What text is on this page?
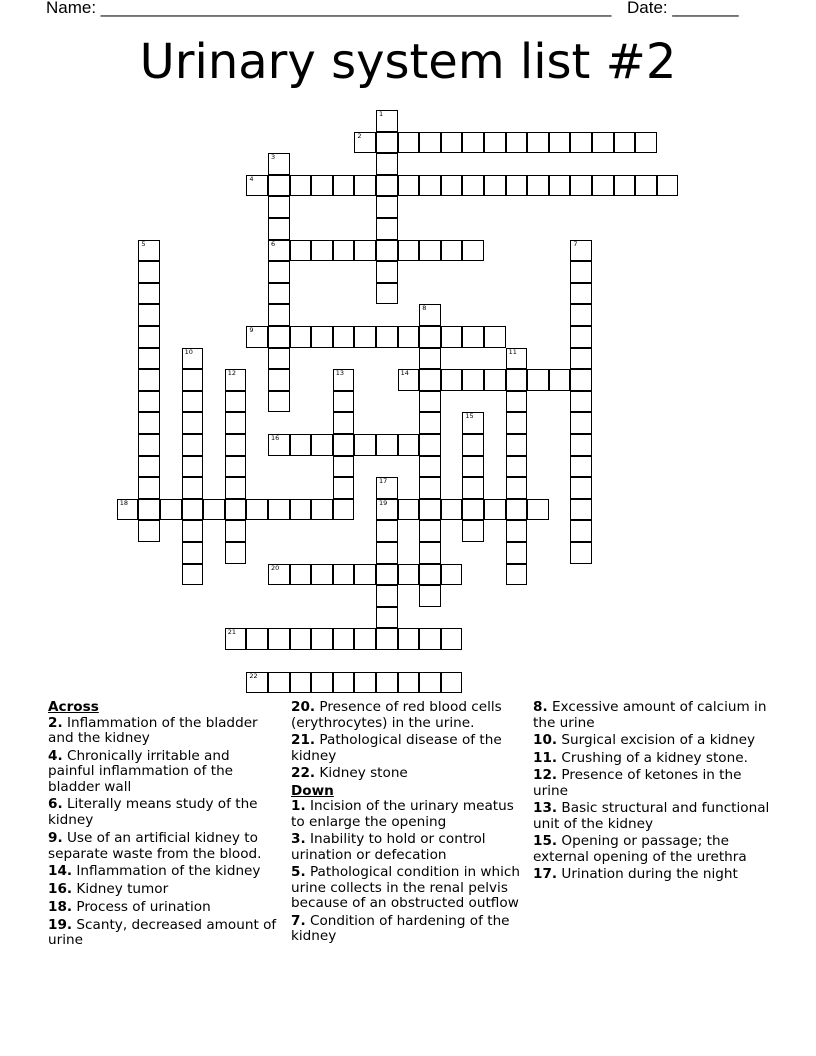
Name: ______________________________________________________ Date: _______
Urinary system list #2
1
2
3
6
4
5	7
8
9
10	11
12	13	14
15
16
17
19
18
20
21
22
Across
2. Inflammation of the bladder and the kidney
4. Chronically irritable and painful inflammation of the bladder wall
6. Literally means study of the kidney
9. Use of an artificial kidney to separate waste from the blood.
14. Inflammation of the kidney
16. Kidney tumor
18. Process of urination
19. Scanty, decreased amount of urine
20. Presence of red blood cells (erythrocytes) in the urine.
21. Pathological disease of the kidney
22. Kidney stone
Down
1. Incision of the urinary meatus to enlarge the opening
3. Inability to hold or control urination or defecation
5. Pathological condition in which urine collects in the renal pelvis because of an obstructed outflow
7. Condition of hardening of the kidney
8. Excessive amount of calcium in the urine
10. Surgical excision of a kidney
11. Crushing of a kidney stone.
12. Presence of ketones in the urine
13. Basic structural and functional unit of the kidney
15. Opening or passage; the external opening of the urethra
17. Urination during the night
